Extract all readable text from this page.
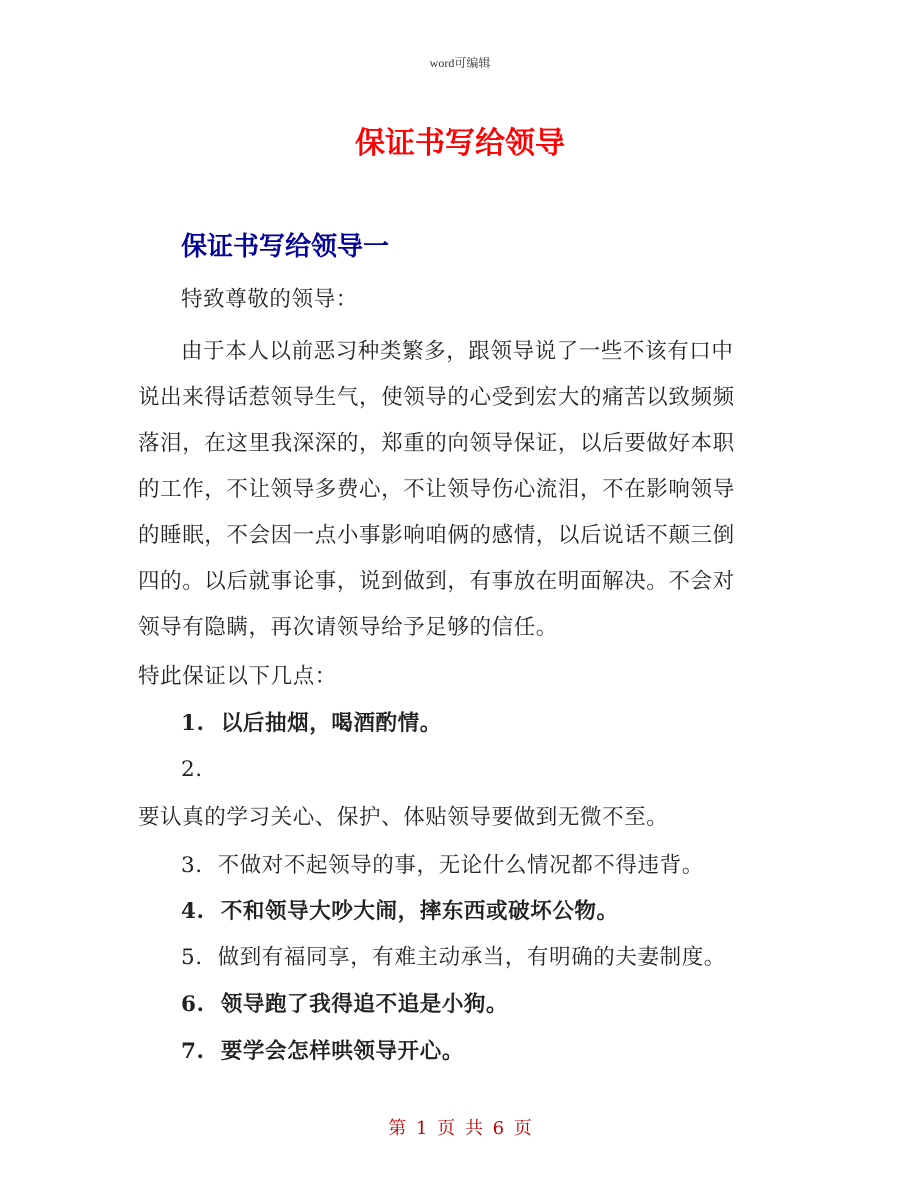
word可编辑
保证书写给领导
保证书写给领导一
特致尊敬的领导：
由于本人以前恶习种类繁多，跟领导说了一些不该有口中
说出来得话惹领导生气，使领导的心受到宏大的痛苦以致频频
落泪，在这里我深深的，郑重的向领导保证，以后要做好本职
的工作，不让领导多费心，不让领导伤心流泪，不在影响领导
的睡眠，不会因一点小事影响咱俩的感情，以后说话不颠三倒
四的。以后就事论事，说到做到，有事放在明面解决。不会对
领导有隐瞒，再次请领导给予足够的信任。
特此保证以下几点：
1. 以后抽烟，喝酒酌情。
2.
要认真的学习关心、保护、体贴领导要做到无微不至。
3. 不做对不起领导的事，无论什么情况都不得违背。
4. 不和领导大吵大闹，摔东西或破坏公物。
5. 做到有福同享，有难主动承当，有明确的夫妻制度。
6. 领导跑了我得追不追是小狗。
7. 要学会怎样哄领导开心。
第 1 页 共 6 页
